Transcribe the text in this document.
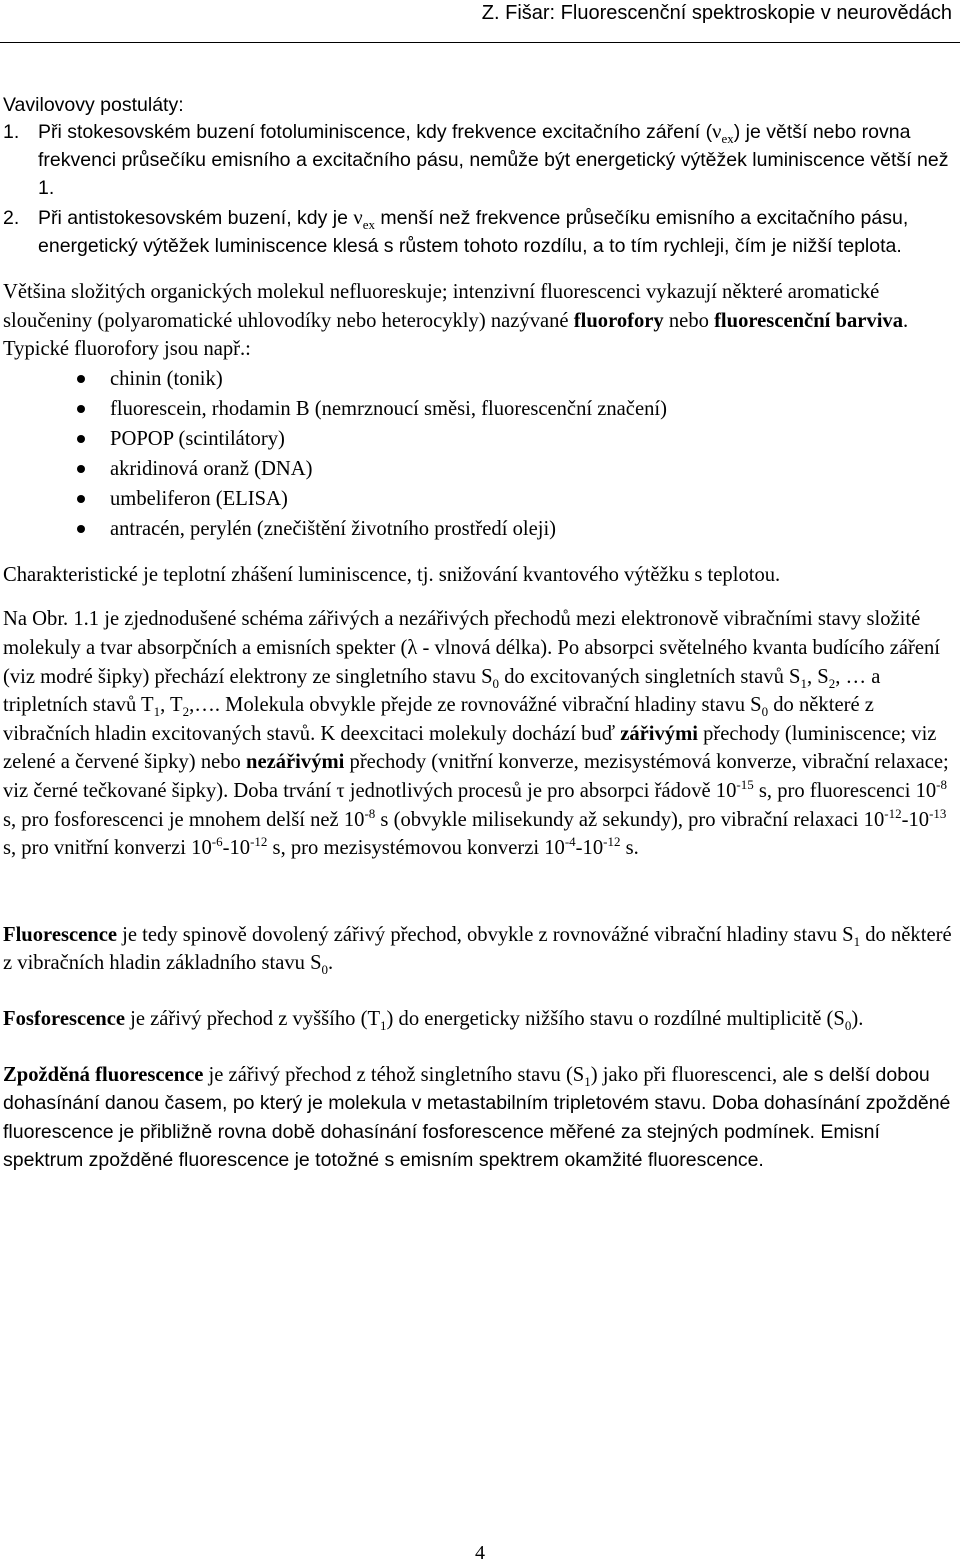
Z. Fišar: Fluorescenční spektroskopie v neurovědách

Vavilovovy postuláty:

1. Při stokesovském buzení fotoluminiscence, kdy frekvence excitačního záření $(\nu_{ex})$ je větší nebo rovna frekvenci průsečíku emisního a excitačního pásu, nemůže být energetický výtěžek luminiscence větší než 1.
2. Při antistokesovském buzení, kdy je $\nu_{ex}$ menší než frekvence průsečíku emisního a excitačního pásu, energetický výtěžek luminiscence klesá s růstem tohoto rozdílu, a to tím rychleji, čím je nižší teplota.

Většina složitých organických molekul nefluoreskuje; intenzivní fluorescenci vykazují některé aromatické sloučeniny (polyaromatické uhlovodíky nebo heterocykly) nazývané fluorofory nebo fluorescenční barviva. Typické fluorofory jsou např.:

chinin (tonik)
fluorescein, rhodamin B (nemrznoucí směsi, fluorescenční značení)
POPOP (scintilátory)
akridinová oranž (DNA)
umbeliferon (ELISA)
antracén, perylén (znečištění životního prostředí oleji)

Charakteristické je teplotní zhášení luminiscence, tj. snižování kvantového výtěžku s teplotou.

Na Obr. 1.1 je zjednodušené schéma zářivých a nezářivých přechodů mezi elektronově vibračními stavy složité molekuly a tvar absorpčních a emisních spekter (λ - vlnová délka). Po absorpci světelného kvanta budícího záření (viz modré šipky) přechází elektrony ze singletního stavu $S_0$ do excitovaných singletních stavů $S_1$, $S_2$, … a tripletních stavů $T_1$, $T_2,\dots$. Molekula obvykle přejde ze rovnovážné vibrační hladiny stavu $S_0$ do některé z vibračních hladin excitovaných stavů. K deexcitaci molekuly dochází buď zářivými přechody (luminiscence; viz zelené a červené šipky) nebo nezářivými přechody (vnitřní konverze, mezisystémová konverze, vibrační relaxace; viz černé tečkované šipky). Doba trvání τ jednotlivých procesů je pro absorpci řádově $10^{-15}$ s, pro fluorescenci $10^{-8}$ s, pro fosforescenci je mnohem delší než $10^{-8}$ s (obvykle milisekundy až sekundy), pro vibrační relaxaci $10^{-12}-10^{-13}$ s, pro vnitřní konverzi $10^{-6}-10^{-12}$ s, pro mezisystémovou konverzi $10^{-4}-10^{-12}$ s.

Fluorescence je tedy spinově dovolený zářivý přechod, obvykle z rovnovážné vibrační hladiny stavu $S_1$ do některé z vibračních hladin základního stavu $S_0$.

Fosforescence je zářivý přechod z vyššího $(T_1)$ do energeticky nižšího stavu o rozdílné multiplicitě $(S_0)$.

Zpožděná fluorescence je zářivý přechod z téhož singletního stavu $(S_1)$ jako při fluorescenci, ale s delší dobou dohasínání danou časem, po který je molekula v metastabilním tripletovém stavu. Doba dohasínání zpožděné fluorescence je přibližně rovna době dohasínání fosforescence měřené za stejných podmínek. Emisní spektrum zpožděné fluorescence je totožné s emisním spektrem okamžité fluorescence.

4
